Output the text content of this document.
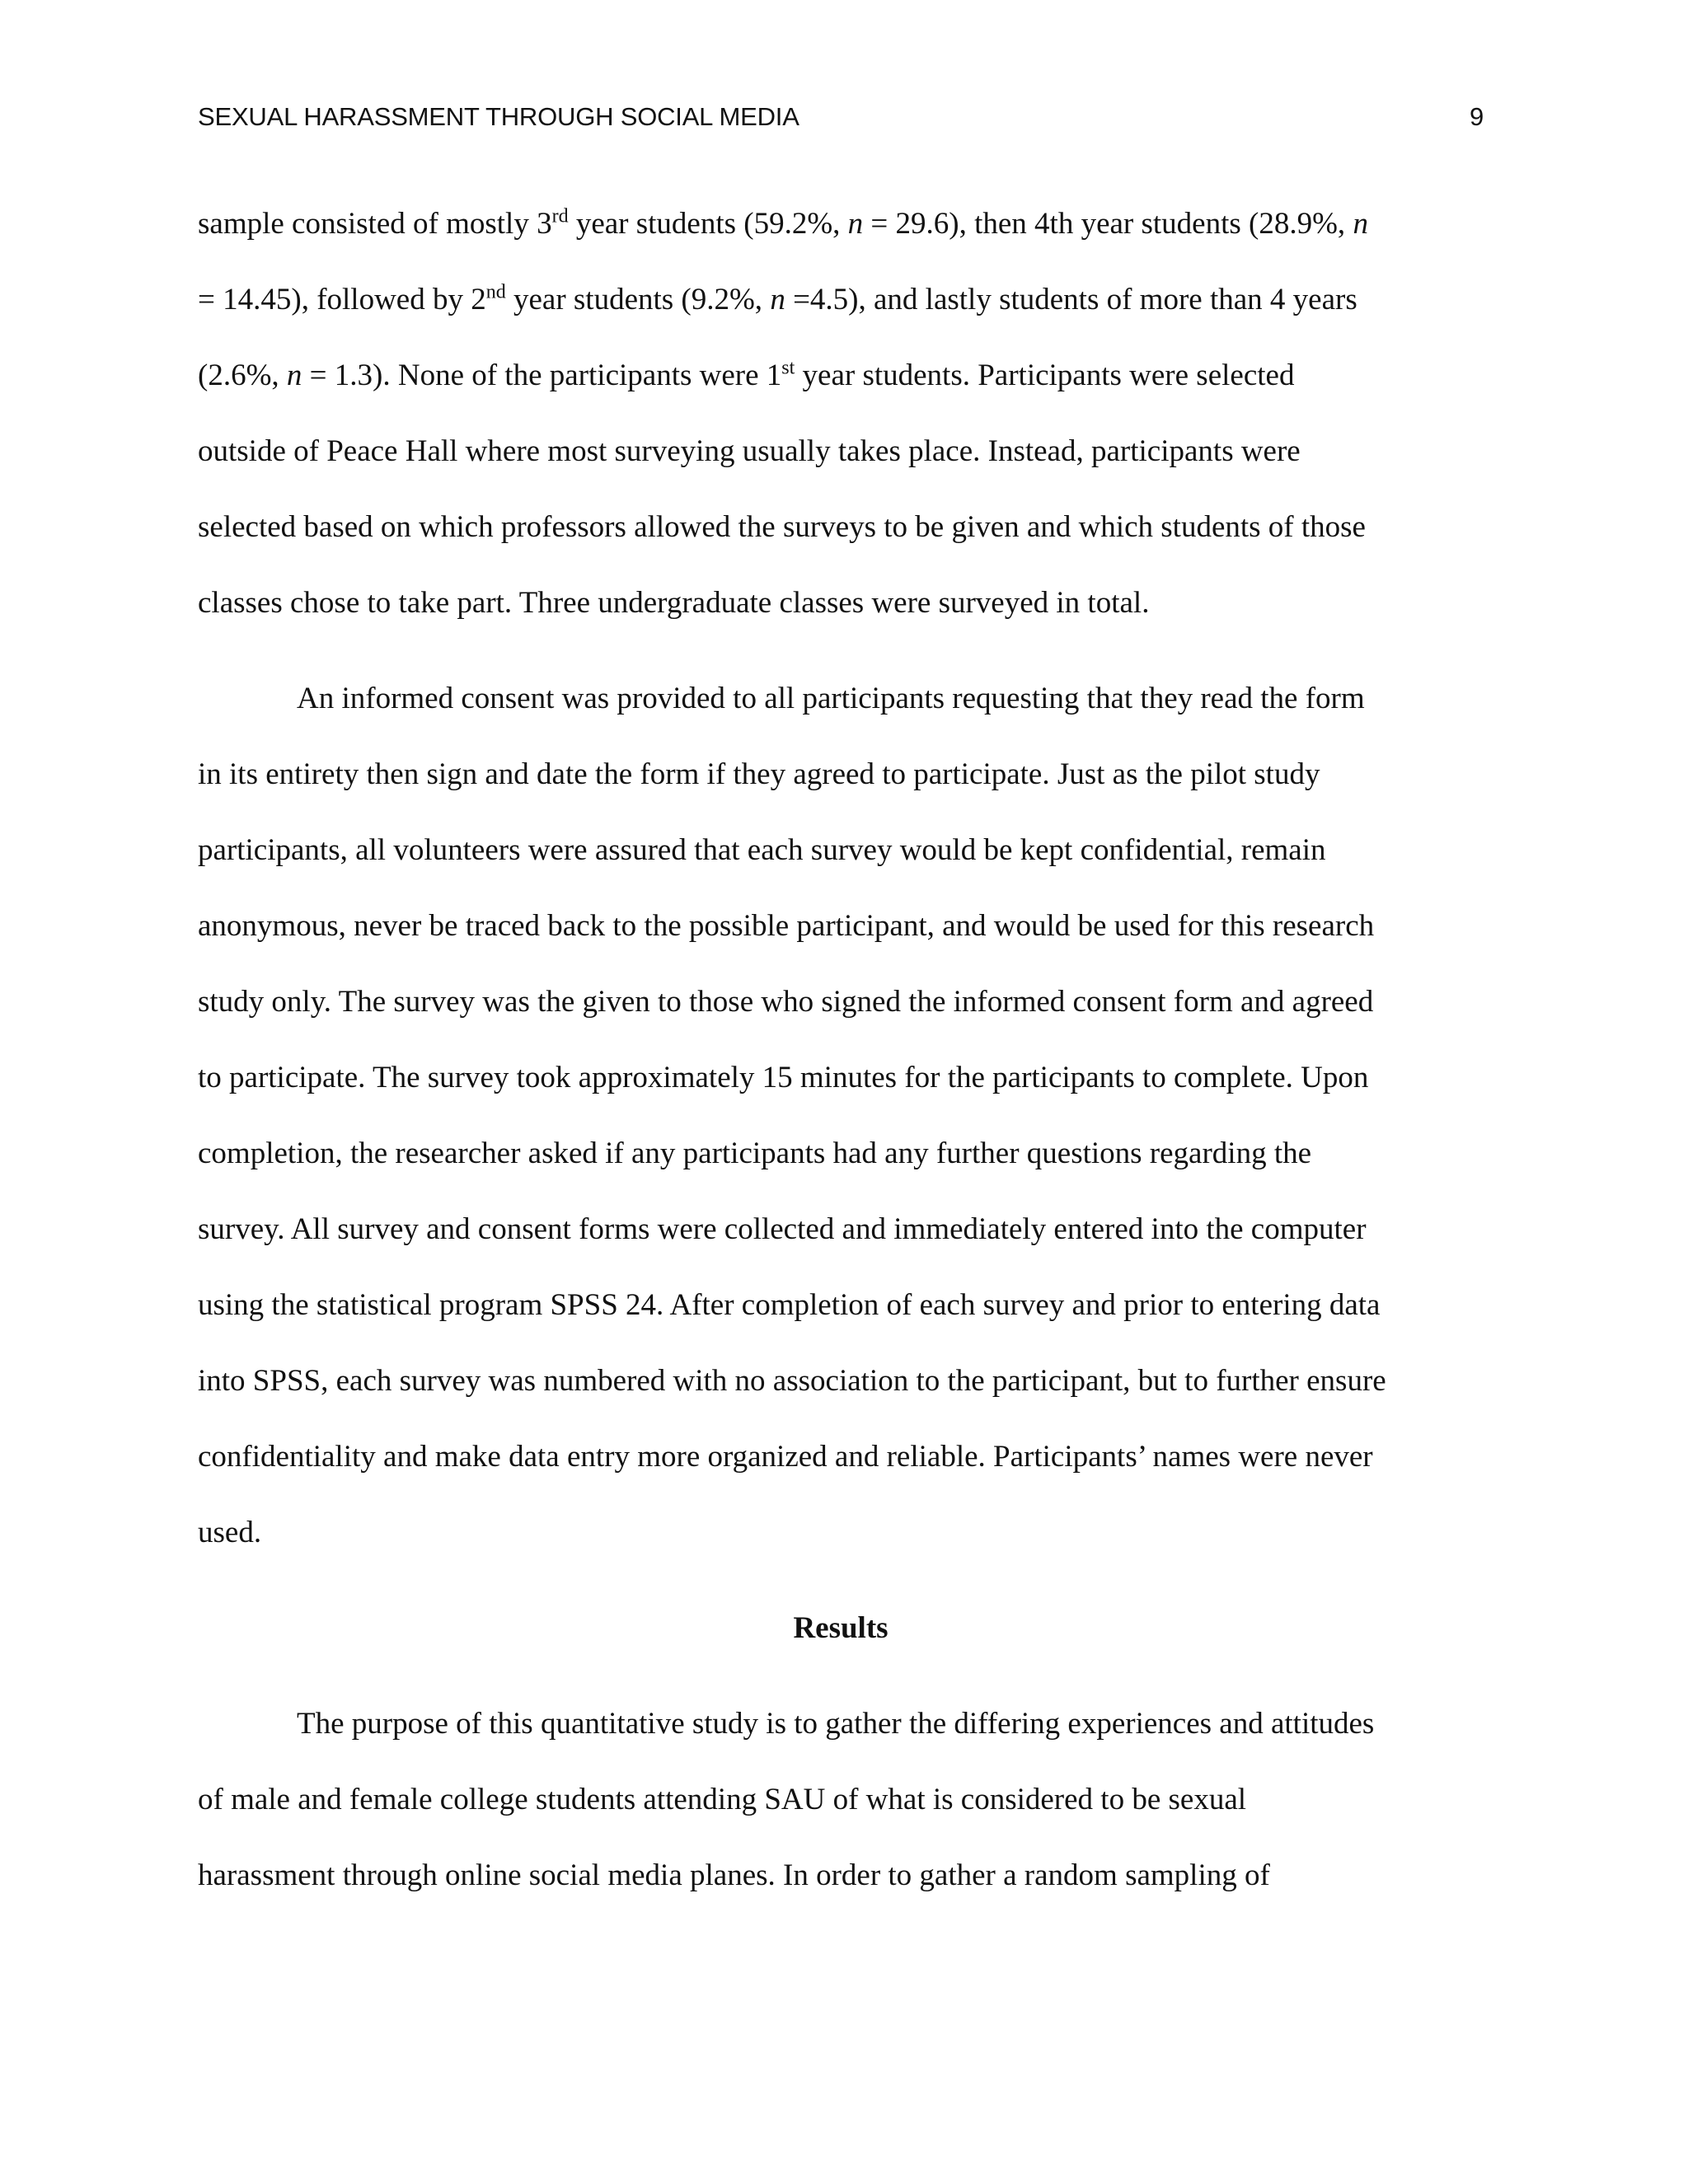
SEXUAL HARASSMENT THROUGH SOCIAL MEDIA	9
sample consisted of mostly 3rd year students (59.2%, n = 29.6), then 4th year students (28.9%, n
= 14.45), followed by 2nd year students (9.2%, n =4.5), and lastly students of more than 4 years
(2.6%, n = 1.3). None of the participants were 1st year students. Participants were selected
outside of Peace Hall where most surveying usually takes place. Instead, participants were
selected based on which professors allowed the surveys to be given and which students of those
classes chose to take part. Three undergraduate classes were surveyed in total.
An informed consent was provided to all participants requesting that they read the form
in its entirety then sign and date the form if they agreed to participate. Just as the pilot study
participants, all volunteers were assured that each survey would be kept confidential, remain
anonymous, never be traced back to the possible participant, and would be used for this research
study only. The survey was the given to those who signed the informed consent form and agreed
to participate. The survey took approximately 15 minutes for the participants to complete. Upon
completion, the researcher asked if any participants had any further questions regarding the
survey. All survey and consent forms were collected and immediately entered into the computer
using the statistical program SPSS 24. After completion of each survey and prior to entering data
into SPSS, each survey was numbered with no association to the participant, but to further ensure
confidentiality and make data entry more organized and reliable. Participants’ names were never
used.
Results
The purpose of this quantitative study is to gather the differing experiences and attitudes
of male and female college students attending SAU of what is considered to be sexual
harassment through online social media planes. In order to gather a random sampling of
